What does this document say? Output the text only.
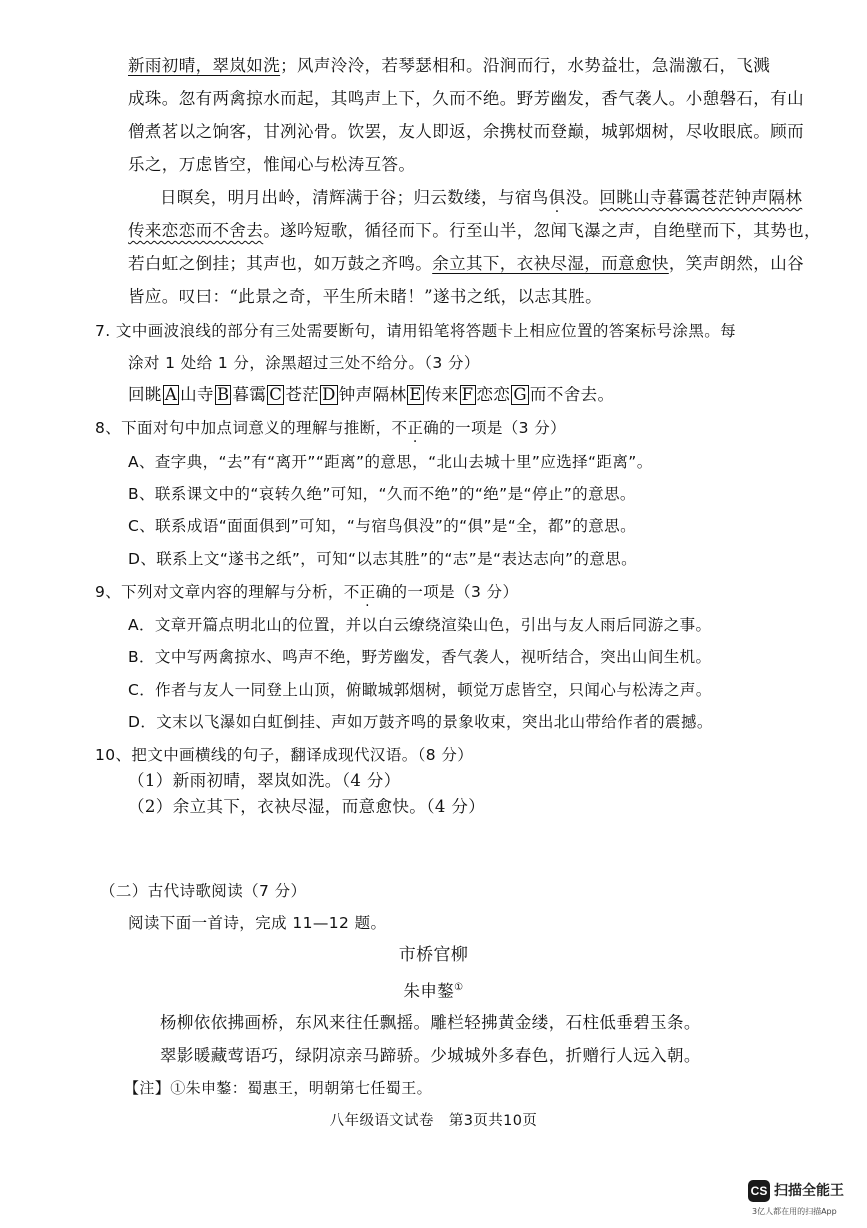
新雨初晴，翠岚如洗；风声泠泠，若琴瑟相和。沿涧而行，水势益壮，急湍激石，飞溅
成珠。忽有两禽掠水而起，其鸣声上下，久而不绝。野芳幽发，香气袭人。小憩磐石，有山
僧煮茗以之饷客，甘冽沁骨。饮罢，友人即返，余携杖而登巅，城郭烟树，尽收眼底。顾而
乐之，万虑皆空，惟闻心与松涛互答。
日暝矣，明月出岭，清辉满于谷；归云数缕，与宿鸟俱没。回眺山寺暮霭苍茫钟声隔林
传来恋恋而不舍去。遂吟短歌，循径而下。行至山半，忽闻飞瀑之声，自绝壁而下，其势也，
若白虹之倒挂；其声也，如万鼓之齐鸣。余立其下，衣袂尽湿，而意愈快，笑声朗然，山谷
皆应。叹曰：“此景之奇，平生所未睹！”遂书之纸，以志其胜。
7. 文中画波浪线的部分有三处需要断句，请用铅笔将答题卡上相应位置的答案标号涂黑。每
涂对 1 处给 1 分，涂黑超过三处不给分。（3 分）
回眺 A 山寺 B 暮霭 C 苍茫 D 钟声隔林 E 传来 F 恋恋 G 而不舍去。
8、下面对句中加点词意义的理解与推断，不正确的一项是（3 分）
A、查字典，“去”有“离开”“距离”的意思，“北山去城十里”应选择“距离”。
B、联系课文中的“哀转久绝”可知，“久而不绝”的“绝”是“停止”的意思。
C、联系成语“面面俱到”可知，“与宿鸟俱没”的“俱”是“全，都”的意思。
D、联系上文“遂书之纸”，可知“以志其胜”的“志”是“表达志向”的意思。
9、下列对文章内容的理解与分析，不正确的一项是（3 分）
A．文章开篇点明北山的位置，并以白云缭绕渲染山色，引出与友人雨后同游之事。
B．文中写两禽掠水、鸣声不绝，野芳幽发，香气袭人，视听结合，突出山间生机。
C．作者与友人一同登上山顶，俯瞰城郭烟树，顿觉万虑皆空，只闻心与松涛之声。
D．文末以飞瀑如白虹倒挂、声如万鼓齐鸣的景象收束，突出北山带给作者的震撼。
10、把文中画横线的句子，翻译成现代汉语。（8 分）
（1）新雨初晴，翠岚如洗。（4 分）
（2）余立其下，衣袂尽湿，而意愈快。（4 分）
（二）古代诗歌阅读（7 分）
阅读下面一首诗，完成 11—12 题。
市桥官柳
朱申鏊①
杨柳依依拂画桥，东风来往任飘摇。雕栏轻拂黄金缕，石柱低垂碧玉条。
翠影暖藏莺语巧，绿阴凉亲马蹄骄。少城城外多春色，折赠行人远入朝。
【注】①朱申鏊：蜀惠王，明朝第七任蜀王。
八年级语文试卷　第3页共10页
CS 扫描全能王
3亿人都在用的扫描App
